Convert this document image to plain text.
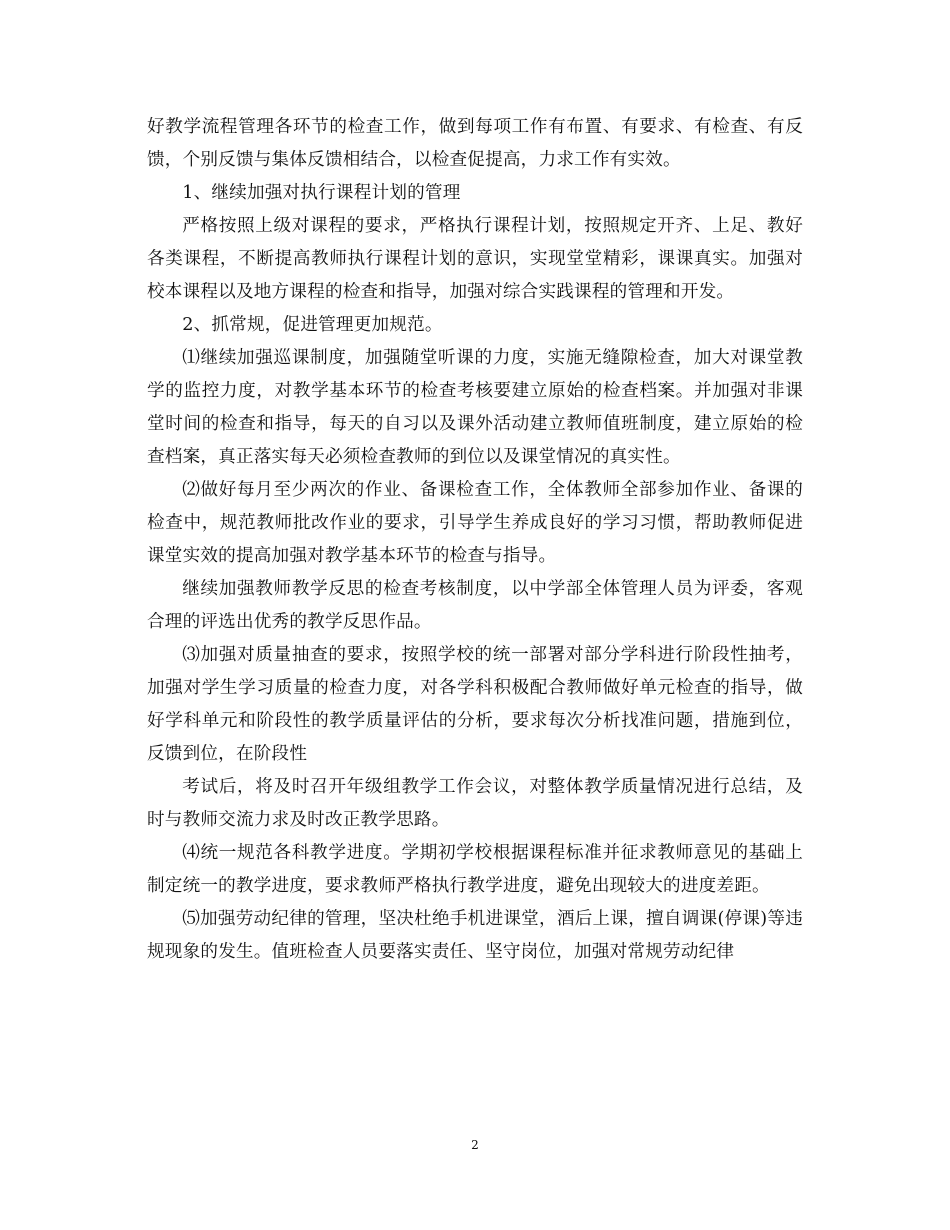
好教学流程管理各环节的检查工作，做到每项工作有布置、有要求、有检查、有反馈，个别反馈与集体反馈相结合，以检查促提高，力求工作有实效。

1、继续加强对执行课程计划的管理

严格按照上级对课程的要求，严格执行课程计划，按照规定开齐、上足、教好各类课程，不断提高教师执行课程计划的意识，实现堂堂精彩，课课真实。加强对校本课程以及地方课程的检查和指导，加强对综合实践课程的管理和开发。

2、抓常规，促进管理更加规范。

⑴继续加强巡课制度，加强随堂听课的力度，实施无缝隙检查，加大对课堂教学的监控力度，对教学基本环节的检查考核要建立原始的检查档案。并加强对非课堂时间的检查和指导，每天的自习以及课外活动建立教师值班制度，建立原始的检查档案，真正落实每天必须检查教师的到位以及课堂情况的真实性。

⑵做好每月至少两次的作业、备课检查工作，全体教师全部参加作业、备课的检查中，规范教师批改作业的要求，引导学生养成良好的学习习惯，帮助教师促进课堂实效的提高加强对教学基本环节的检查与指导。

继续加强教师教学反思的检查考核制度，以中学部全体管理人员为评委，客观合理的评选出优秀的教学反思作品。

⑶加强对质量抽查的要求，按照学校的统一部署对部分学科进行阶段性抽考，加强对学生学习质量的检查力度，对各学科积极配合教师做好单元检查的指导，做好学科单元和阶段性的教学质量评估的分析，要求每次分析找准问题，措施到位，反馈到位，在阶段性

考试后，将及时召开年级组教学工作会议，对整体教学质量情况进行总结，及时与教师交流力求及时改正教学思路。

⑷统一规范各科教学进度。学期初学校根据课程标准并征求教师意见的基础上制定统一的教学进度，要求教师严格执行教学进度，避免出现较大的进度差距。

⑸加强劳动纪律的管理，坚决杜绝手机进课堂，酒后上课，擅自调课(停课)等违规现象的发生。值班检查人员要落实责任、坚守岗位，加强对常规劳动纪律

2
